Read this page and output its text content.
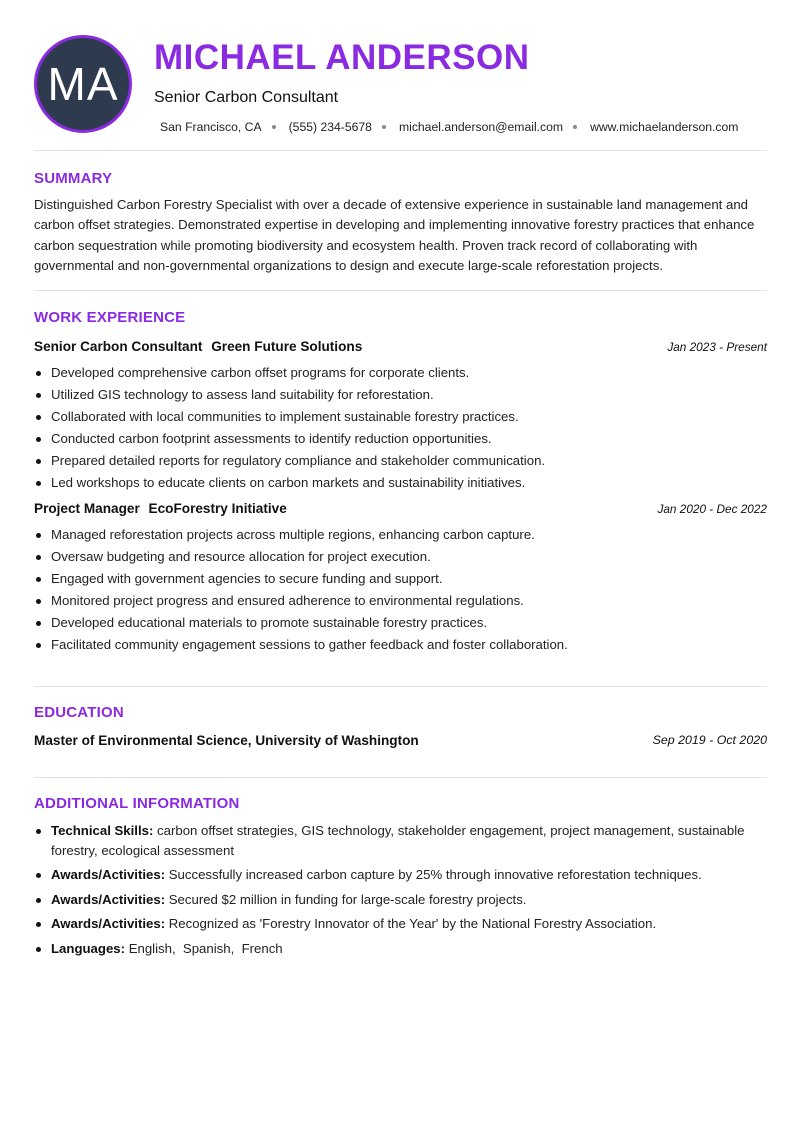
MA
MICHAEL ANDERSON
Senior Carbon Consultant
San Francisco, CA (555) 234-5678 michael.anderson@email.com www.michaelanderson.com
SUMMARY
Distinguished Carbon Forestry Specialist with over a decade of extensive experience in sustainable land management and carbon offset strategies. Demonstrated expertise in developing and implementing innovative forestry practices that enhance carbon sequestration while promoting biodiversity and ecosystem health. Proven track record of collaborating with governmental and non-governmental organizations to design and execute large-scale reforestation projects.
WORK EXPERIENCE
Senior Carbon Consultant Green Future Solutions	Jan 2023 - Present
Developed comprehensive carbon offset programs for corporate clients.
Utilized GIS technology to assess land suitability for reforestation.
Collaborated with local communities to implement sustainable forestry practices.
Conducted carbon footprint assessments to identify reduction opportunities.
Prepared detailed reports for regulatory compliance and stakeholder communication.
Led workshops to educate clients on carbon markets and sustainability initiatives.
Project Manager EcoForestry Initiative	Jan 2020 - Dec 2022
Managed reforestation projects across multiple regions, enhancing carbon capture.
Oversaw budgeting and resource allocation for project execution.
Engaged with government agencies to secure funding and support.
Monitored project progress and ensured adherence to environmental regulations.
Developed educational materials to promote sustainable forestry practices.
Facilitated community engagement sessions to gather feedback and foster collaboration.
EDUCATION
Master of Environmental Science, University of Washington	Sep 2019 - Oct 2020
ADDITIONAL INFORMATION
Technical Skills: carbon offset strategies, GIS technology, stakeholder engagement, project management, sustainable forestry, ecological assessment
Awards/Activities: Successfully increased carbon capture by 25% through innovative reforestation techniques.
Awards/Activities: Secured $2 million in funding for large-scale forestry projects.
Awards/Activities: Recognized as 'Forestry Innovator of the Year' by the National Forestry Association.
Languages: English,  Spanish,  French
